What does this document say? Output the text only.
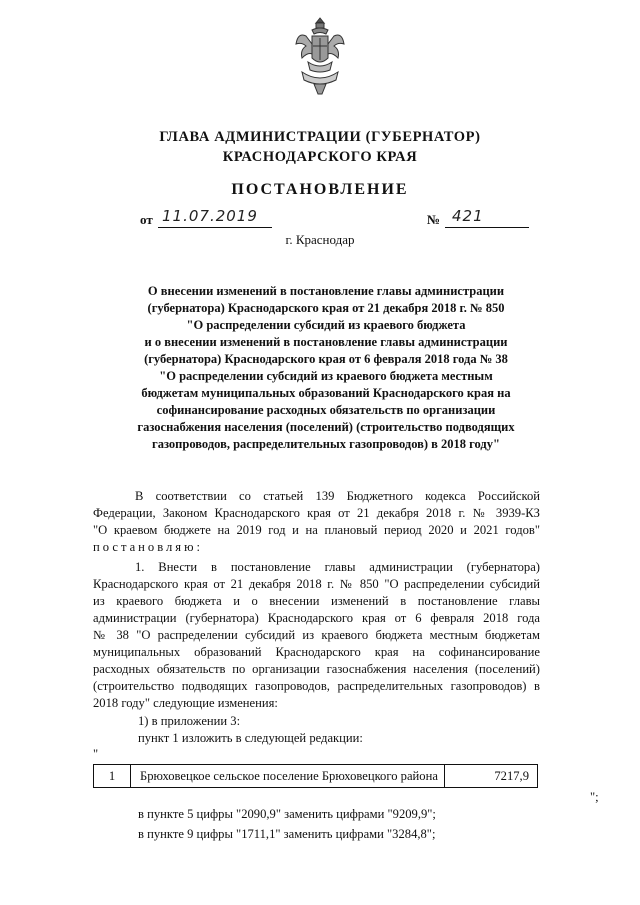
ГЛАВА АДМИНИСТРАЦИИ (ГУБЕРНАТОР)
КРАСНОДАРСКОГО КРАЯ
ПОСТАНОВЛЕНИЕ
от 11.07.2019	№ 421
г. Краснодар
О внесении изменений в постановление главы администрации
(губернатора) Краснодарского края от 21 декабря 2018 г. № 850
"О распределении субсидий из краевого бюджета
и о внесении изменений в постановление главы администрации
(губернатора) Краснодарского края от 6 февраля 2018 года № 38
"О распределении субсидий из краевого бюджета местным
бюджетам муниципальных образований Краснодарского края на
софинансирование расходных обязательств по организации
газоснабжения населения (поселений) (строительство подводящих
газопроводов, распределительных газопроводов) в 2018 году"
В соответствии со статьей 139 Бюджетного кодекса Российской
Федерации, Законом Краснодарского края от 21 декабря 2018 г. № 3939-КЗ
"О краевом бюджете на 2019 год и на плановый период 2020 и 2021 годов"
постановляю:
1. Внести в постановление главы администрации (губернатора)
Краснодарского края от 21 декабря 2018 г. № 850 "О распределении субсидий
из краевого бюджета и о внесении изменений в постановление главы
администрации (губернатора) Краснодарского края от 6 февраля 2018 года
№ 38 "О распределении субсидий из краевого бюджета местным бюджетам
муниципальных образований Краснодарского края на софинансирование
расходных обязательств по организации газоснабжения населения (поселений)
(строительство подводящих газопроводов, распределительных газопроводов) в
2018 году" следующие изменения:
1) в приложении 3:
пункт 1 изложить в следующей редакции:
"
1	Брюховецкое сельское поселение Брюховецкого района	7217,9
";
в пункте 5 цифры "2090,9" заменить цифрами "9209,9";
в пункте 9 цифры "1711,1" заменить цифрами "3284,8";
